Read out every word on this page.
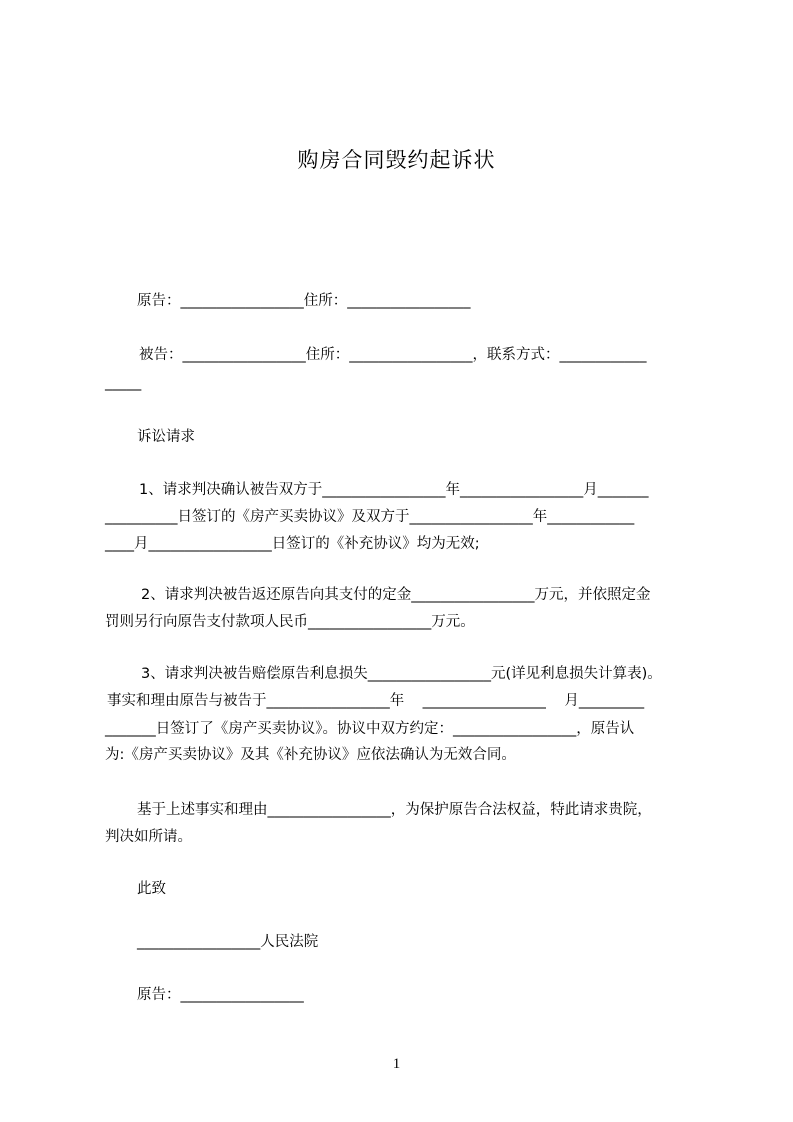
购房合同毁约起诉状
原告：_________________住所：_________________
被告：_________________住所：_________________，联系方式：____________
_____
诉讼请求
1、请求判决确认被告双方于_________________年_________________月_______
__________日签订的《房产买卖协议》及双方于_________________年____________
____月_________________日签订的《补充协议》均为无效;
2、请求判决被告返还原告向其支付的定金_________________万元，并依照定金
罚则另行向原告支付款项人民币_________________万元。
3、请求判决被告赔偿原告利息损失_________________元(详见利息损失计算表)。
事实和理由原告与被告于_________________年    _________________    月_________
_______日签订了《房产买卖协议》。协议中双方约定：_________________，原告认
为:《房产买卖协议》及其《补充协议》应依法确认为无效合同。
基于上述事实和理由_________________，为保护原告合法权益，特此请求贵院，
判决如所请。
此致
_________________人民法院
原告：_________________
1
